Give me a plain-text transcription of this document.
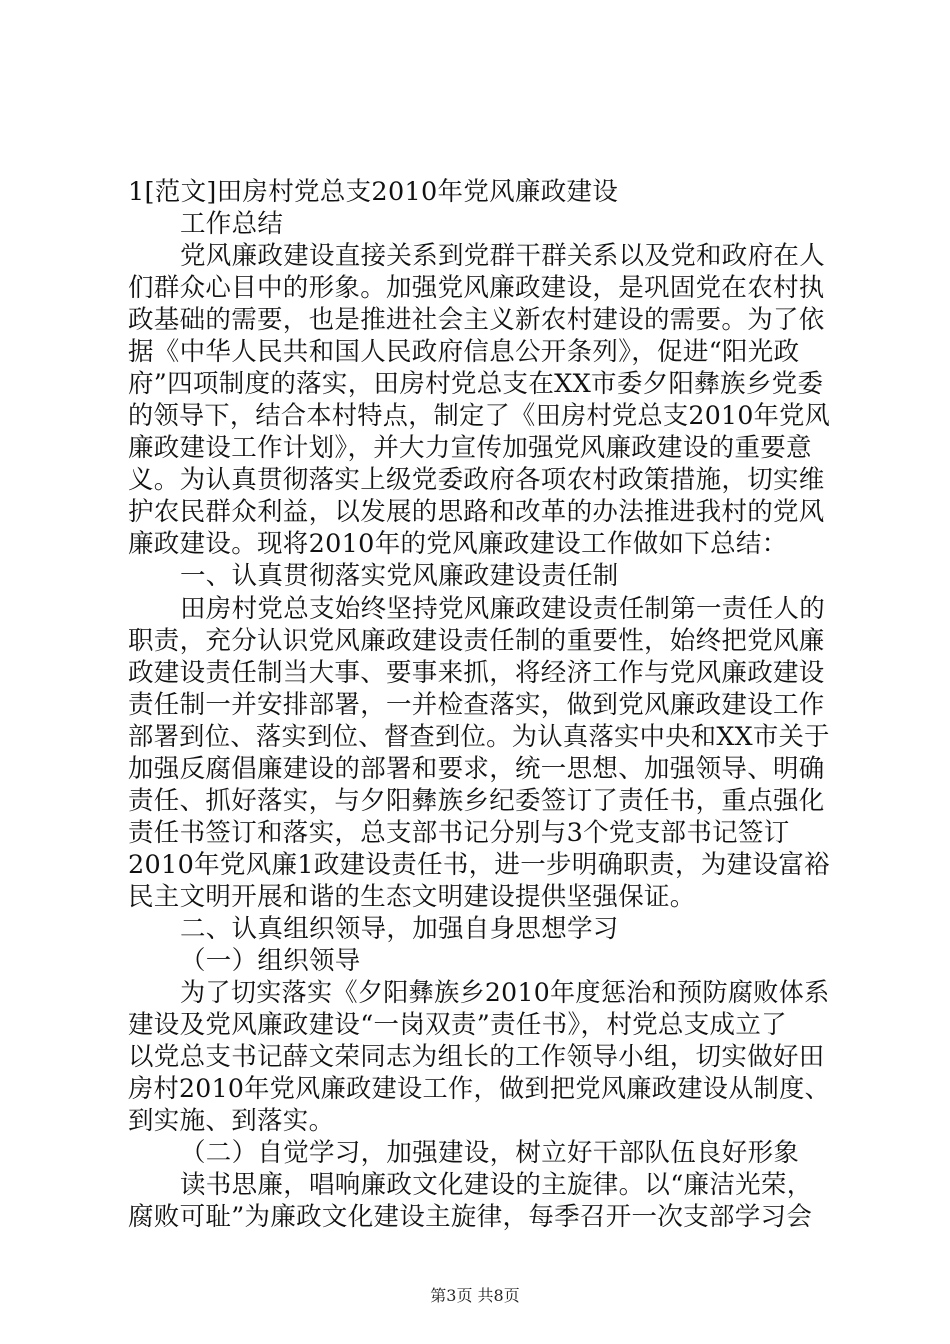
1[范文]田房村党总支2010年党风廉政建设
工作总结
党风廉政建设直接关系到党群干群关系以及党和政府在人
们群众心目中的形象。加强党风廉政建设，是巩固党在农村执
政基础的需要，也是推进社会主义新农村建设的需要。为了依
据《中华人民共和国人民政府信息公开条列》，促进“阳光政
府”四项制度的落实，田房村党总支在XX市委夕阳彝族乡党委
的领导下，结合本村特点，制定了《田房村党总支2010年党风
廉政建设工作计划》，并大力宣传加强党风廉政建设的重要意
义。为认真贯彻落实上级党委政府各项农村政策措施，切实维
护农民群众利益，以发展的思路和改革的办法推进我村的党风
廉政建设。现将2010年的党风廉政建设工作做如下总结：
一、认真贯彻落实党风廉政建设责任制
田房村党总支始终坚持党风廉政建设责任制第一责任人的
职责，充分认识党风廉政建设责任制的重要性，始终把党风廉
政建设责任制当大事、要事来抓，将经济工作与党风廉政建设
责任制一并安排部署，一并检查落实，做到党风廉政建设工作
部署到位、落实到位、督查到位。为认真落实中央和XX市关于
加强反腐倡廉建设的部署和要求，统一思想、加强领导、明确
责任、抓好落实，与夕阳彝族乡纪委签订了责任书，重点强化
责任书签订和落实，总支部书记分别与3个党支部书记签订
2010年党风廉1政建设责任书，进一步明确职责，为建设富裕
民主文明开展和谐的生态文明建设提供坚强保证。
二、认真组织领导，加强自身思想学习
（一）组织领导
为了切实落实《夕阳彝族乡2010年度惩治和预防腐败体系
建设及党风廉政建设“一岗双责”责任书》，村党总支成立了
以党总支书记薛文荣同志为组长的工作领导小组，切实做好田
房村2010年党风廉政建设工作，做到把党风廉政建设从制度、
到实施、到落实。
（二）自觉学习，加强建设，树立好干部队伍良好形象
读书思廉，唱响廉政文化建设的主旋律。以“廉洁光荣，
腐败可耻”为廉政文化建设主旋律，每季召开一次支部学习会
第3页 共8页
